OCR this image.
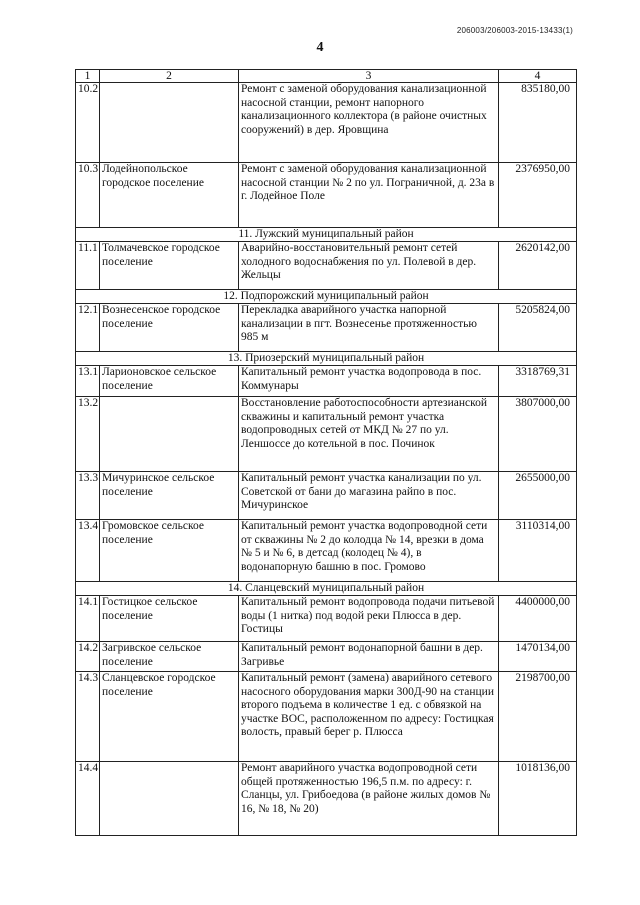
206003/206003-2015-13433(1)
4
1	2	3	4
10.2		Ремонт с заменой оборудования канализационной насосной станции, ремонт напорного канализационного коллектора (в районе очистных сооружений) в дер. Яровщина	835180,00
10.3	Лодейнопольское городское поселение	Ремонт с заменой оборудования канализационной насосной станции № 2 по ул. Пограничной, д. 23а в г. Лодейное Поле	2376950,00
11. Лужский муниципальный район			
11.1	Толмачевское городское поселение	Аварийно-восстановительный ремонт сетей холодного водоснабжения по ул. Полевой в дер. Жельцы	2620142,00
12. Подпорожский муниципальный район			
12.1	Вознесенское городское поселение	Перекладка аварийного участка напорной канализации в пгт. Вознесенье протяженностью 985 м	5205824,00
13. Приозерский муниципальный район			
13.1	Ларионовское сельское поселение	Капитальный ремонт участка водопровода в пос. Коммунары	3318769,31
13.2		Восстановление работоспособности артезианской скважины и капитальный ремонт участка водопроводных сетей от МКД № 27 по ул. Леншоссе до котельной в пос. Починок	3807000,00
13.3	Мичуринское сельское поселение	Капитальный ремонт участка канализации по ул. Советской от бани до магазина райпо в пос. Мичуринское	2655000,00
13.4	Громовское сельское поселение	Капитальный ремонт участка водопроводной сети от скважины № 2 до колодца № 14, врезки в дома № 5 и № 6, в детсад (колодец № 4), в водонапорную башню в пос. Громово	3110314,00
14. Сланцевский муниципальный район			
14.1	Гостицкое сельское поселение	Капитальный ремонт водопровода подачи питьевой воды (1 нитка) под водой реки Плюсса в дер. Гостицы	4400000,00
14.2	Загривское сельское поселение	Капитальный ремонт водонапорной башни в дер. Загривье	1470134,00
14.3	Сланцевское городское поселение	Капитальный ремонт (замена) аварийного сетевого насосного оборудования марки 300Д-90 на станции второго подъема в количестве 1 ед. с обвязкой на участке ВОС, расположенном по адресу: Гостицкая волость, правый берег р. Плюсса	2198700,00
14.4		Ремонт аварийного участка водопроводной сети общей протяженностью 196,5 п.м. по адресу: г. Сланцы, ул. Грибоедова (в районе жилых домов № 16, № 18, № 20)	1018136,00
